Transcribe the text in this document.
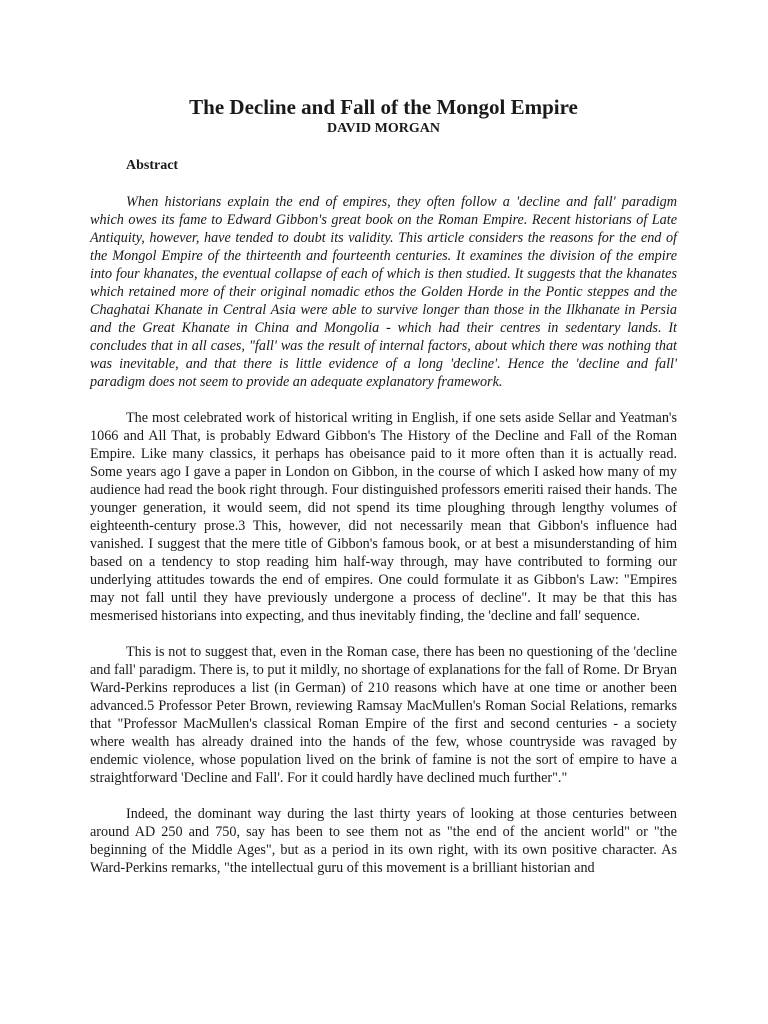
The Decline and Fall of the Mongol Empire
DAVID MORGAN
Abstract

When historians explain the end of empires, they often follow a 'decline and fall' paradigm which owes its fame to Edward Gibbon's great book on the Roman Empire. Recent historians of Late Antiquity, however, have tended to doubt its validity. This article considers the reasons for the end of the Mongol Empire of the thirteenth and fourteenth centuries. It examines the division of the empire into four khanates, the eventual collapse of each of which is then studied. It suggests that the khanates which retained more of their original nomadic ethos the Golden Horde in the Pontic steppes and the Chaghatai Khanate in Central Asia were able to survive longer than those in the Ilkhanate in Persia and the Great Khanate in China and Mongolia - which had their centres in sedentary lands. It concludes that in all cases, "fall' was the result of internal factors, about which there was nothing that was inevitable, and that there is little evidence of a long 'decline'. Hence the 'decline and fall' paradigm does not seem to provide an adequate explanatory framework.

The most celebrated work of historical writing in English, if one sets aside Sellar and Yeatman's 1066 and All That, is probably Edward Gibbon's The History of the Decline and Fall of the Roman Empire. Like many classics, it perhaps has obeisance paid to it more often than it is actually read. Some years ago I gave a paper in London on Gibbon, in the course of which I asked how many of my audience had read the book right through. Four distinguished professors emeriti raised their hands. The younger generation, it would seem, did not spend its time ploughing through lengthy volumes of eighteenth-century prose.3 This, however, did not necessarily mean that Gibbon's influence had vanished. I suggest that the mere title of Gibbon's famous book, or at best a misunderstanding of him based on a tendency to stop reading him half-way through, may have contributed to forming our underlying attitudes towards the end of empires. One could formulate it as Gibbon's Law: "Empires may not fall until they have previously undergone a process of decline". It may be that this has mesmerised historians into expecting, and thus inevitably finding, the 'decline and fall' sequence.

This is not to suggest that, even in the Roman case, there has been no questioning of the 'decline and fall' paradigm. There is, to put it mildly, no shortage of explanations for the fall of Rome. Dr Bryan Ward-Perkins reproduces a list (in German) of 210 reasons which have at one time or another been advanced.5 Professor Peter Brown, reviewing Ramsay MacMullen's Roman Social Relations, remarks that "Professor MacMullen's classical Roman Empire of the first and second centuries - a society where wealth has already drained into the hands of the few, whose countryside was ravaged by endemic violence, whose population lived on the brink of famine is not the sort of empire to have a straightforward 'Decline and Fall'. For it could hardly have declined much further"."

Indeed, the dominant way during the last thirty years of looking at those centuries between around AD 250 and 750, say has been to see them not as "the end of the ancient world" or "the beginning of the Middle Ages", but as a period in its own right, with its own positive character. As Ward-Perkins remarks, "the intellectual guru of this movement is a brilliant historian and
